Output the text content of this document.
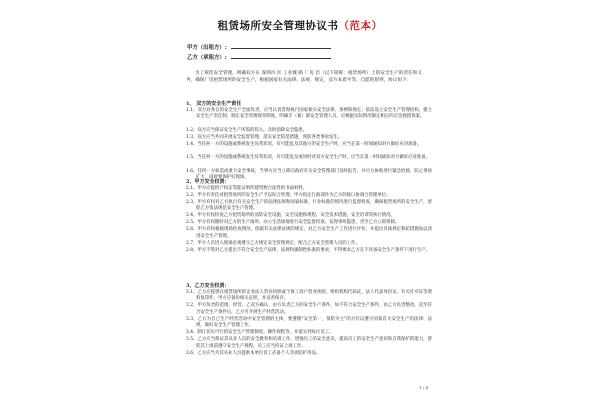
租赁场所安全管理协议书（范本）
甲方（出租方）:
乙方（承租方）:
为了规范安全管理，明确双方在 深圳市 区 工业城 路 厂房 层（以下简称：租赁场所）上的安全生产的责任和义务，确保厂房租赁场所的安全生产，根据国家有关法律、法规、规定，双方本着平等、自愿的原则，协议如下：
1、 双方的安全生产责任
1.1、双方对各自的安全生产全面负责，应当认真贯彻执行国家相关安全法律、条例和规定；依法设立安全生产管理机构，建立安全生产责任制，制定安全管理规章制度，明确专（兼）职安全管理人员，应根据实际情况制定相应的应急救援预案。
1.2、双方应当保证安全生产所需的投入，及时消除安全隐患。
1.3、双方应当共同开展安全监督管理，落实安全防范措施，预防各类事故发生。
1.4、当任何一方的设施或系统发生异常状况，有可能危及其他方的安全生产时，应当在第一时间通知对方做好应对准备。
1.5、当任何一方的设施或系统发生异常状况，有可能危及或同时对双方安全生产时，应当在第一时间通知对方做好应对准备。
1.6、任何一方如造成重大安全事故，当事方应当立即向政府有关安全管理部门及时报告，并尽力协助进行紧急抢救，防止事故扩大，同时要保护好现场。
2、甲方安全权责：
2.1、甲方应提供产权证等能证明所建筑物合法性的书面材料。
2.2、甲方有责任对租赁场所的安全生产予以综合管理，甲方指定行政部作为乙方的接口协调合管理单位。
2.3、甲方有权对乙方执行有关安全生产的法律法规和国家标准、行业标准的情况进行监督检查，确保租赁场所的安全生产，督促乙方依法规范安全生产管理。
2.4、甲方有权检查乙方租赁场所的消防安全设施、安全设施和规程、安全技术措施、安全培训等执行情况。
2.5、甲方有权随时对乙方的生产场所、办公生活场地进行安全监督检查，发现事故隐患，责令乙方立即排除。
2.6、甲方有权根据现场检查情况，依据有关法律法规的规定，对乙方安全生产工作进行评价，并提出具体规定和防措施加以改进安全生产管理。
2.7、甲方人员进入现场必须遵守乙方规定安全管理规定，配合乙方安全管理人员的工作。
2.8、甲方不得对乙方提出不符合安全生产法律、法规和强制性标准的要求，不得要求乙方在不具备安全生产条件下进行生产。
3、乙方安全权责：
3.1、乙方应提供在租赁场所的企业法人营业执照或个体工商户营业执照、组织机构代码证，法人代表身份证，有关许可证等资料复印件，甲方应备份相关证照，并妥善保存。
3.2、甲方负责的范围，经营、乙双方确认，由方负责乙方的安全生产条件，如不符合安全生产条件，由乙方负责整改，直至符合安全生产条件后，乙方可开展生产经营活动。
3.3、乙方为自己生产经营活动中安全管理的主体，要遵循"安全第一，预防为主"的方针以遵守国家有关安全生产的法律、法规，做好安全生产管理工作。
3.4、制订切实可行的安全生产管理制度、操作规程等，并落实到每位员工。
3.5、乙方应当保证其从业人员的安全教育和培训工作，增强员工的安全意识，提高员工的安全生产意识和自我保护的能力，督促其上岗前遵守安全生产规程，员工应当持证上岗工作。
3.6、乙方应当为其从业人员提供本单位员工必备个人劳动防护用品。
1 / 4
